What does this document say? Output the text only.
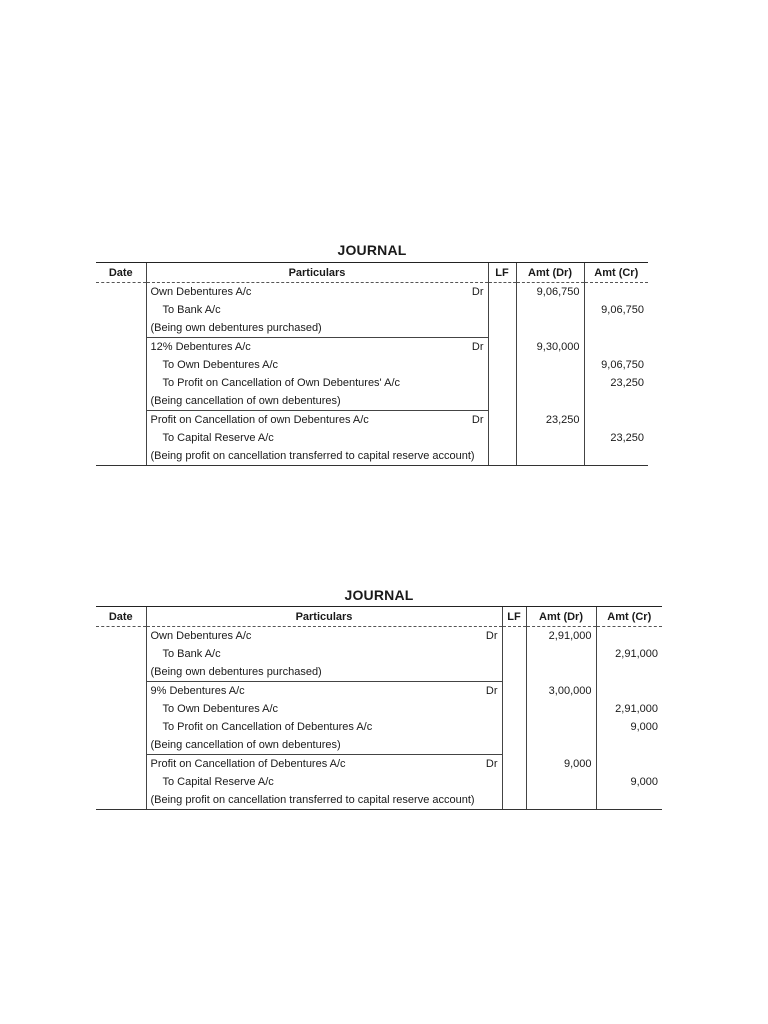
JOURNAL
Date	Particulars	LF	Amt (Dr)	Amt (Cr)

	Own Debentures A/c Dr		9,06,750	

	To Bank A/c			9,06,750

	(Being own debentures purchased)			

	12% Debentures A/c Dr		9,30,000	

	To Own Debentures A/c			9,06,750

	To Profit on Cancellation of Own Debentures' A/c			23,250

	(Being cancellation of own debentures)			

	Profit on Cancellation of own Debentures A/c Dr		23,250	

	To Capital Reserve A/c			23,250

	(Being profit on cancellation transferred to capital reserve account)			

JOURNAL
Date	Particulars	LF	Amt (Dr)	Amt (Cr)

	Own Debentures A/c Dr		2,91,000	

	To Bank A/c			2,91,000

	(Being own debentures purchased)			

	9% Debentures A/c Dr		3,00,000	

	To Own Debentures A/c			2,91,000

	To Profit on Cancellation of Debentures A/c			9,000

	(Being cancellation of own debentures)			

	Profit on Cancellation of Debentures A/c Dr		9,000	

	To Capital Reserve A/c			9,000

	(Being profit on cancellation transferred to capital reserve account)			
